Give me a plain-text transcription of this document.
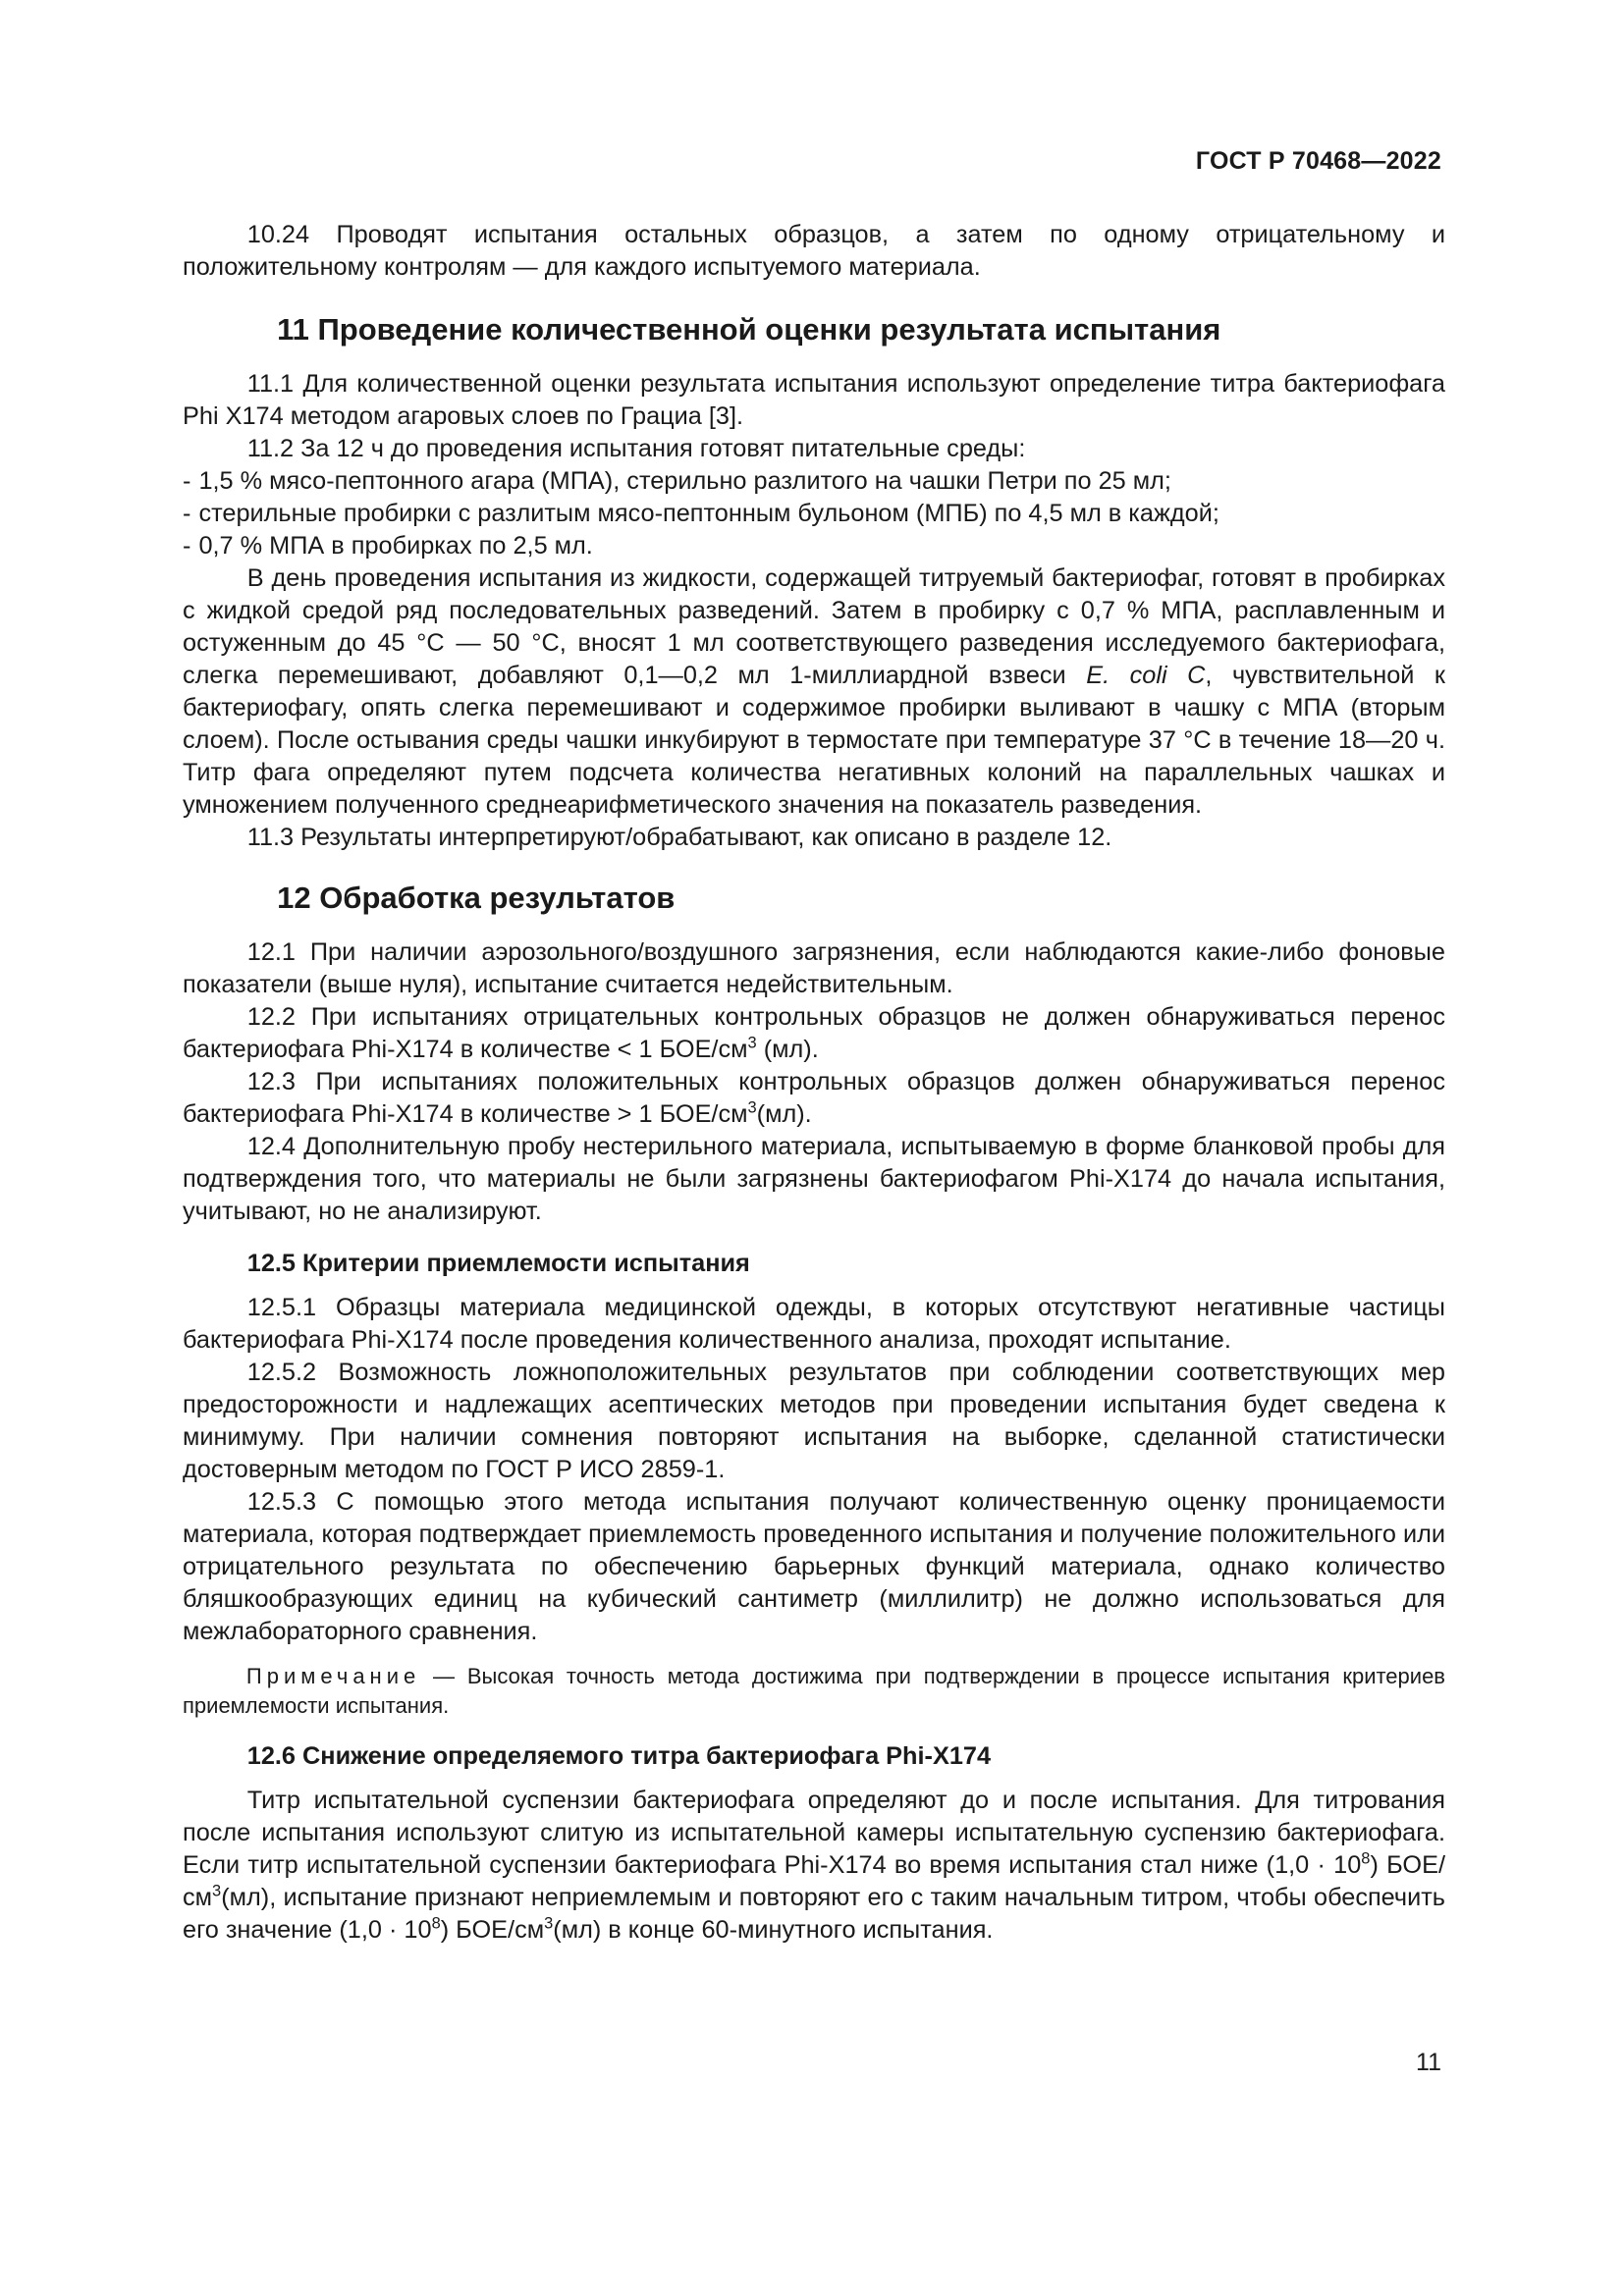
ГОСТ Р 70468—2022

10.24 Проводят испытания остальных образцов, а затем по одному отрицательному и положительному контролям — для каждого испытуемого материала.

11 Проведение количественной оценки результата испытания

11.1 Для количественной оценки результата испытания используют определение титра бактериофага Phi X174 методом агаровых слоев по Грациа [3].

11.2 За 12 ч до проведения испытания готовят питательные среды:

- 1,5 % мясо-пептонного агара (МПА), стерильно разлитого на чашки Петри по 25 мл;

- стерильные пробирки с разлитым мясо-пептонным бульоном (МПБ) по 4,5 мл в каждой;

- 0,7 % МПА в пробирках по 2,5 мл.

В день проведения испытания из жидкости, содержащей титруемый бактериофаг, готовят в пробирках с жидкой средой ряд последовательных разведений. Затем в пробирку с 0,7 % МПА, расплавленным и остуженным до 45 °С — 50 °С, вносят 1 мл соответствующего разведения исследуемого бактериофага, слегка перемешивают, добавляют 0,1—0,2 мл 1-миллиардной взвеси E. coli C, чувствительной к бактериофагу, опять слегка перемешивают и содержимое пробирки выливают в чашку с МПА (вторым слоем). После остывания среды чашки инкубируют в термостате при температуре 37 °С в течение 18—20 ч. Титр фага определяют путем подсчета количества негативных колоний на параллельных чашках и умножением полученного среднеарифметического значения на показатель разведения.

11.3 Результаты интерпретируют/обрабатывают, как описано в разделе 12.

12 Обработка результатов

12.1 При наличии аэрозольного/воздушного загрязнения, если наблюдаются какие-либо фоновые показатели (выше нуля), испытание считается недействительным.

12.2 При испытаниях отрицательных контрольных образцов не должен обнаруживаться перенос бактериофага Phi-X174 в количестве < 1 БОЕ/$см^3$ (мл).

12.3 При испытаниях положительных контрольных образцов должен обнаруживаться перенос бактериофага Phi-X174 в количестве > 1 БОЕ/$см^3(мл)$.

12.4 Дополнительную пробу нестерильного материала, испытываемую в форме бланковой пробы для подтверждения того, что материалы не были загрязнены бактериофагом Phi-X174 до начала испытания, учитывают, но не анализируют.

12.5 Критерии приемлемости испытания

12.5.1 Образцы материала медицинской одежды, в которых отсутствуют негативные частицы бактериофага Phi-X174 после проведения количественного анализа, проходят испытание.

12.5.2 Возможность ложноположительных результатов при соблюдении соответствующих мер предосторожности и надлежащих асептических методов при проведении испытания будет сведена к минимуму. При наличии сомнения повторяют испытания на выборке, сделанной статистически достоверным методом по ГОСТ Р ИСО 2859-1.

12.5.3 С помощью этого метода испытания получают количественную оценку проницаемости материала, которая подтверждает приемлемость проведенного испытания и получение положительного или отрицательного результата по обеспечению барьерных функций материала, однако количество бляшкообразующих единиц на кубический сантиметр (миллилитр) не должно использоваться для межлабораторного сравнения.

Примечание — Высокая точность метода достижима при подтверждении в процессе испытания критериев приемлемости испытания.

12.6 Снижение определяемого титра бактериофага Phi-X174

Титр испытательной суспензии бактериофага определяют до и после испытания. Для титрования после испытания используют слитую из испытательной камеры испытательную суспензию бактериофага. Если титр испытательной суспензии бактериофага Phi-X174 во время испытания стал ниже $(1,0 \cdot 10^8)$ БОЕ/$см^3(мл)$, испытание признают неприемлемым и повторяют его с таким начальным титром, чтобы обеспечить его значение $(1,0 \cdot 10^8)$ БОЕ/$см^3(мл)$ в конце 60-минутного испытания.

11
